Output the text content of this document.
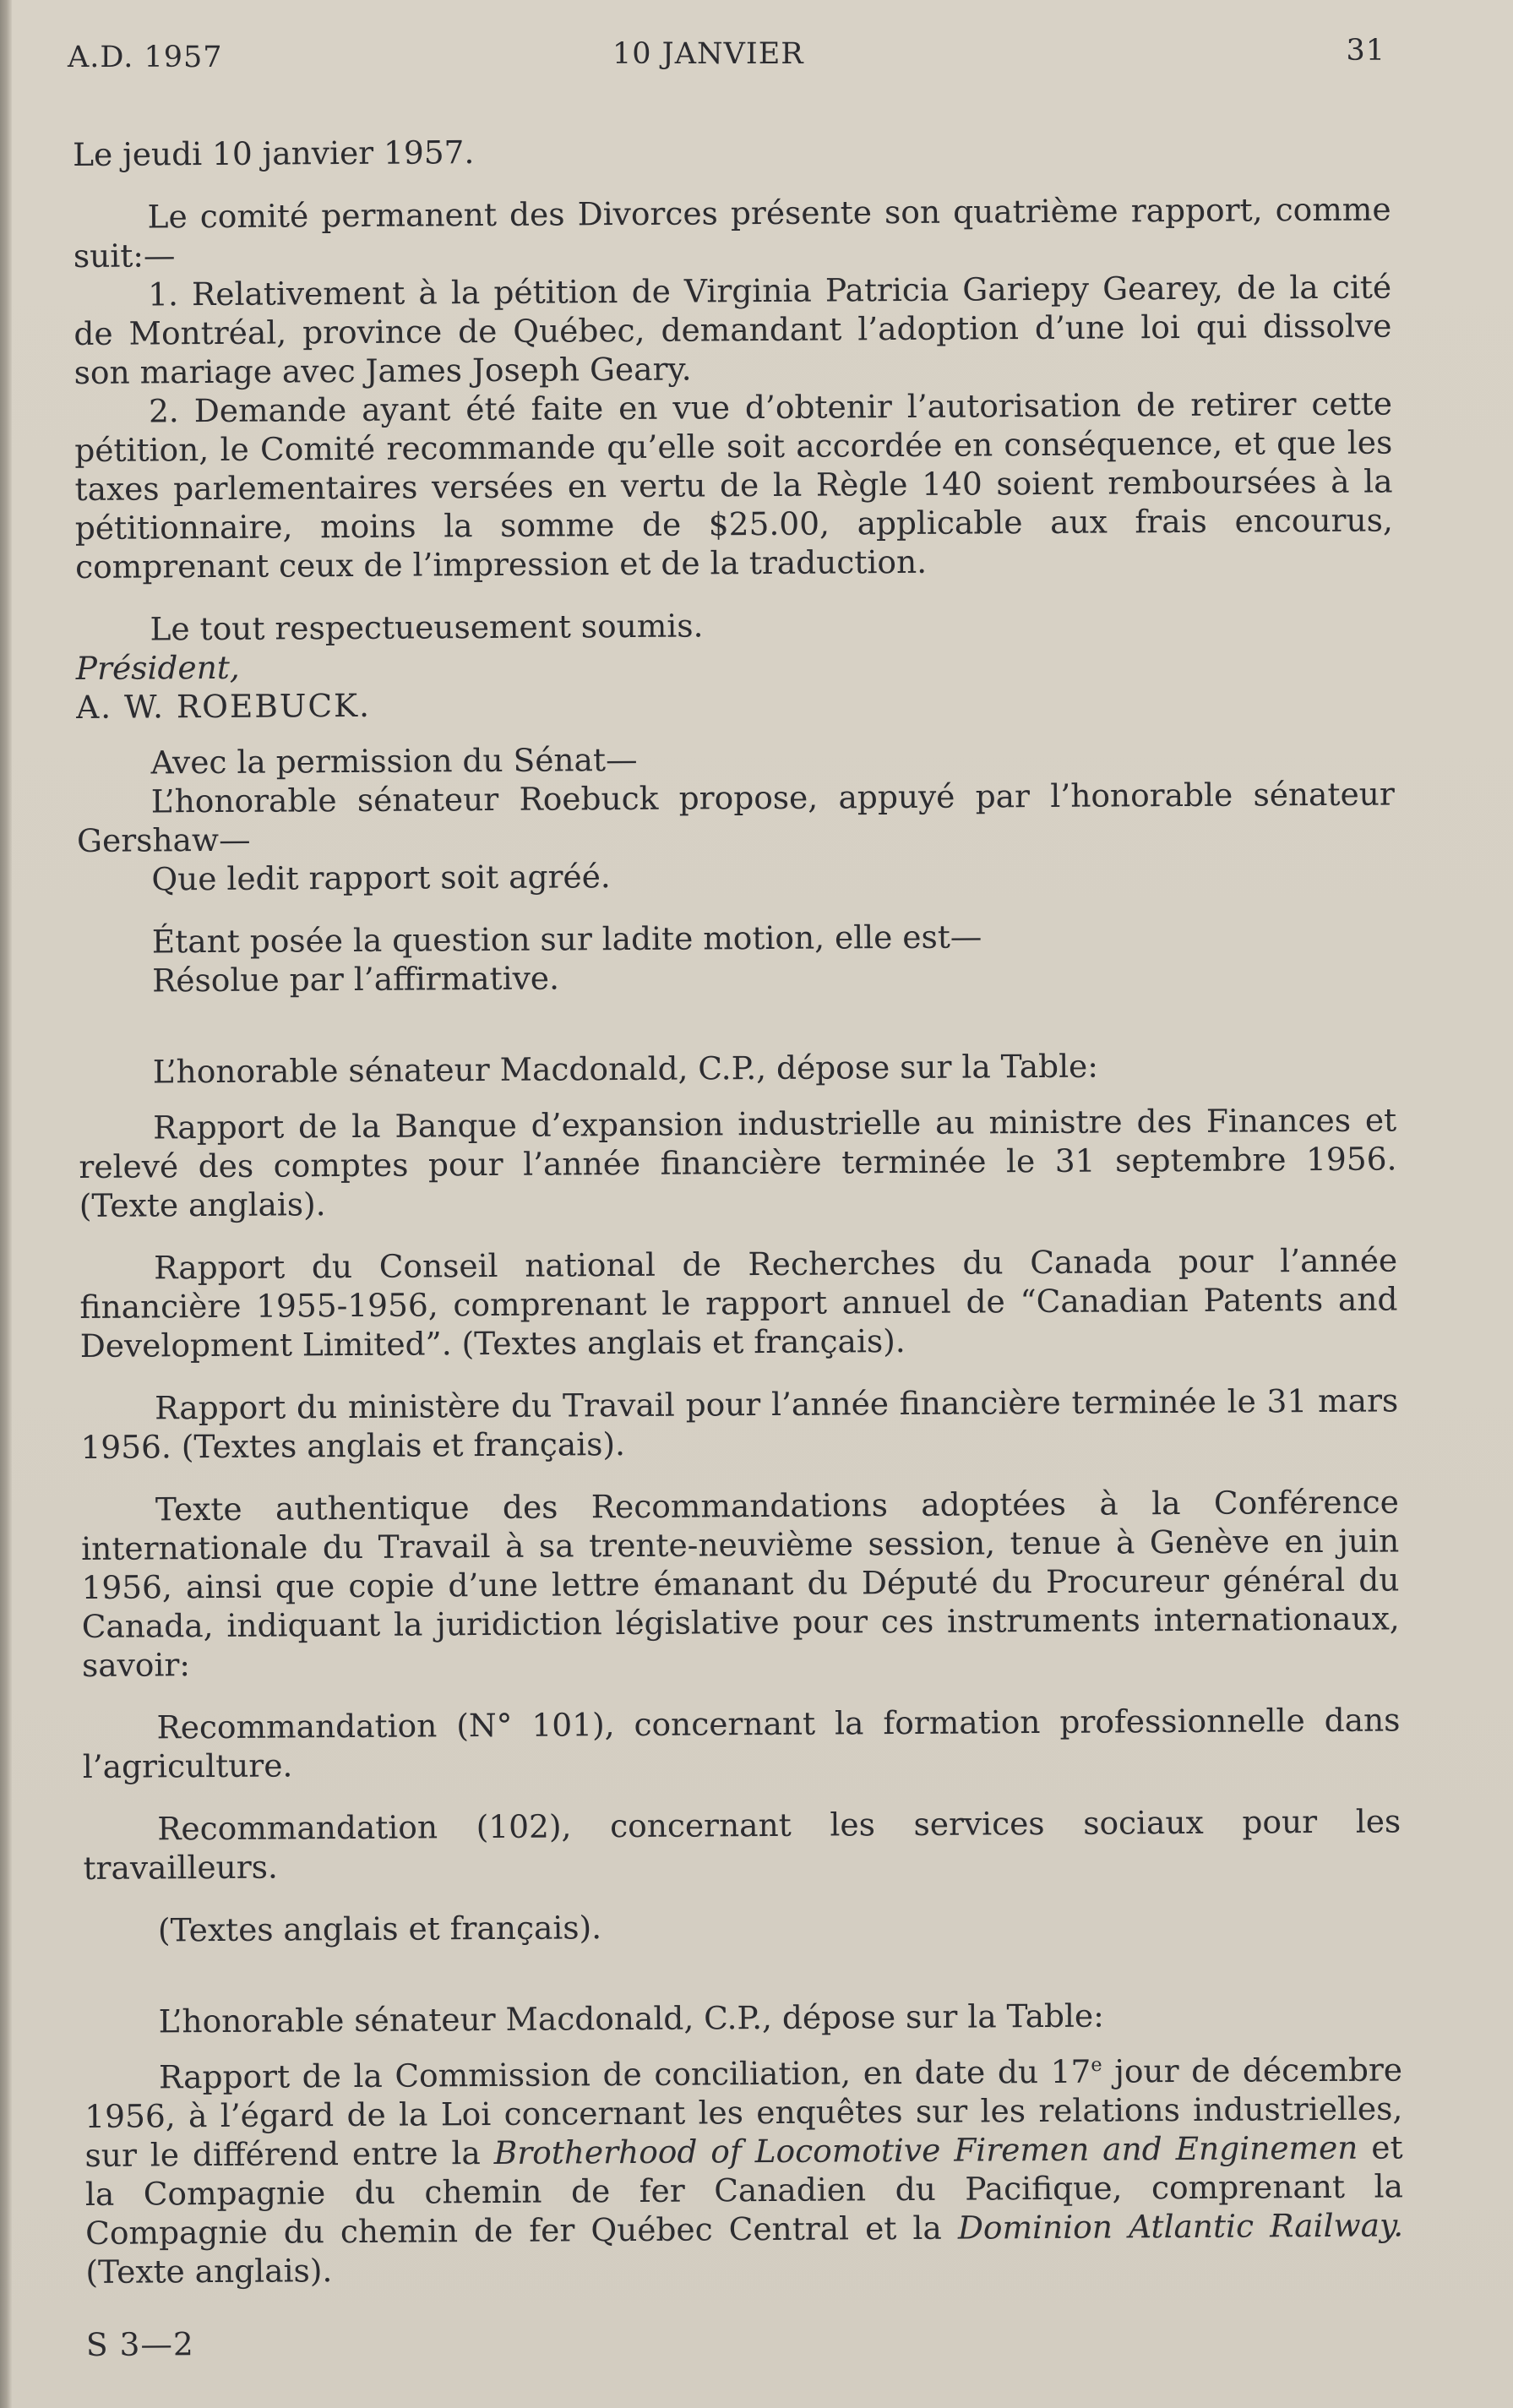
A.D. 1957	10 JANVIER	31

Le jeudi 10 janvier 1957.

Le comité permanent des Divorces présente son quatrième rapport, comme suit:—

1. Relativement à la pétition de Virginia Patricia Gariepy Gearey, de la cité de Montréal, province de Québec, demandant l’adoption d’une loi qui dissolve son mariage avec James Joseph Geary.

2. Demande ayant été faite en vue d’obtenir l’autorisation de retirer cette pétition, le Comité recommande qu’elle soit accordée en conséquence, et que les taxes parlementaires versées en vertu de la Règle 140 soient remboursées à la pétitionnaire, moins la somme de $25.00, applicable aux frais encourus, comprenant ceux de l’impression et de la traduction.

Le tout respectueusement soumis.

Président,

A. W. ROEBUCK.

Avec la permission du Sénat—

L’honorable sénateur Roebuck propose, appuyé par l’honorable sénateur Gershaw—

Que ledit rapport soit agréé.

Étant posée la question sur ladite motion, elle est—

Résolue par l’affirmative.

L’honorable sénateur Macdonald, C.P., dépose sur la Table:

Rapport de la Banque d’expansion industrielle au ministre des Finances et relevé des comptes pour l’année financière terminée le 31 septembre 1956. (Texte anglais).

Rapport du Conseil national de Recherches du Canada pour l’année financière 1955-1956, comprenant le rapport annuel de “Canadian Patents and Development Limited”. (Textes anglais et français).

Rapport du ministère du Travail pour l’année financière terminée le 31 mars 1956. (Textes anglais et français).

Texte authentique des Recommandations adoptées à la Conférence internationale du Travail à sa trente-neuvième session, tenue à Genève en juin 1956, ainsi que copie d’une lettre émanant du Député du Procureur général du Canada, indiquant la juridiction législative pour ces instruments internationaux, savoir:

Recommandation (N° 101), concernant la formation professionnelle dans l’agriculture.

Recommandation (102), concernant les services sociaux pour les travailleurs.

(Textes anglais et français).

L’honorable sénateur Macdonald, C.P., dépose sur la Table:

Rapport de la Commission de conciliation, en date du 17e jour de décembre 1956, à l’égard de la Loi concernant les enquêtes sur les relations industrielles, sur le différend entre la Brotherhood of Locomotive Firemen and Enginemen et la Compagnie du chemin de fer Canadien du Pacifique, comprenant la Compagnie du chemin de fer Québec Central et la Dominion Atlantic Railway. (Texte anglais).

S 3—2
